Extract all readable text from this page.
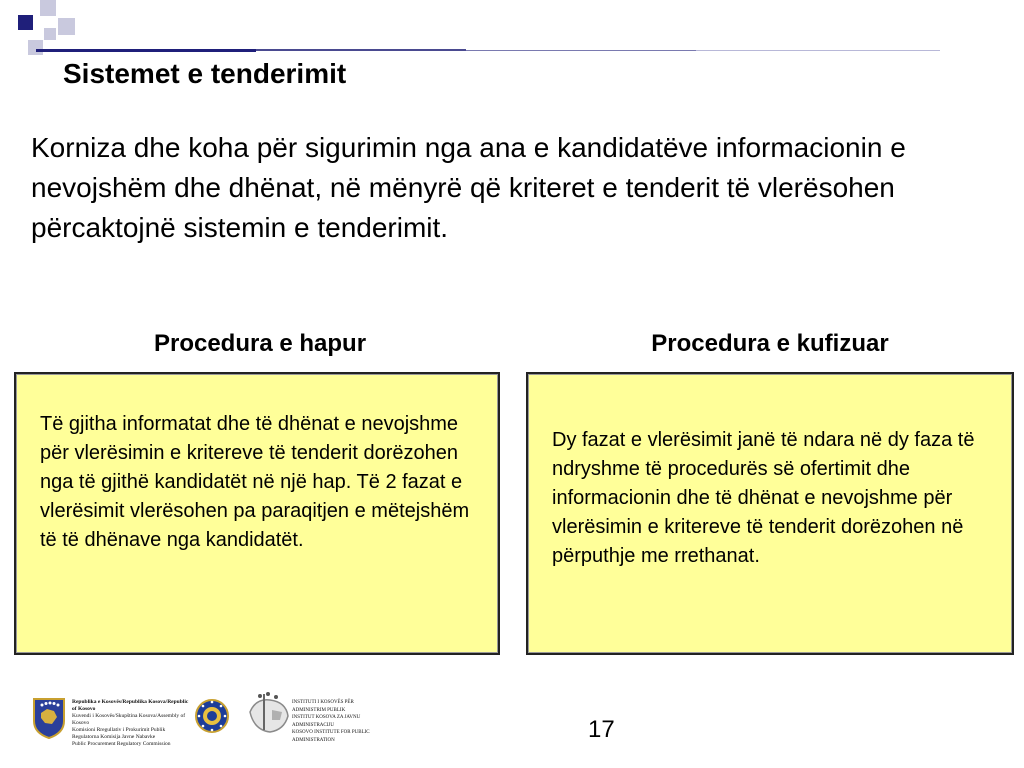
Sistemet e tenderimit
Korniza dhe koha për sigurimin nga ana e kandidatëve informacionin e nevojshëm dhe dhënat, në mënyrë që kriteret e tenderit të vlerësohen përcaktojnë sistemin e tenderimit.
Procedura e hapur
Të gjitha informatat dhe të dhënat e nevojshme për vlerësimin e kritereve të tenderit dorëzohen nga të gjithë kandidatët në një hap. Të 2 fazat e vlerësimit vlerësohen pa paraqitjen e mëtejshëm të të dhënave nga kandidatët.
Procedura e kufizuar
Dy fazat e vlerësimit janë të ndara në dy faza të ndryshme të procedurës së ofertimit dhe informacionin dhe të dhënat e nevojshme për vlerësimin e kritereve të tenderit dorëzohen në përputhje me rrethanat.
Republika e Kosovës/Republika Kosova/Republic of Kosovo
Kuvendi i Kosovës/Skupština Kosova/Assembly of Kosovo
Komisioni Rregullativ i Prokurimit Publik
Regulatorna Komisija Javne Nabavke
Public Procurement Regulatory Commission
INSTITUTI I KOSOVËS PËR ADMINISTRIM PUBLIK
INSTITUT KOSOVA ZA JAVNU ADMINISTRACIJU
KOSOVO INSTITUTE FOR PUBLIC ADMINISTRATION	17
